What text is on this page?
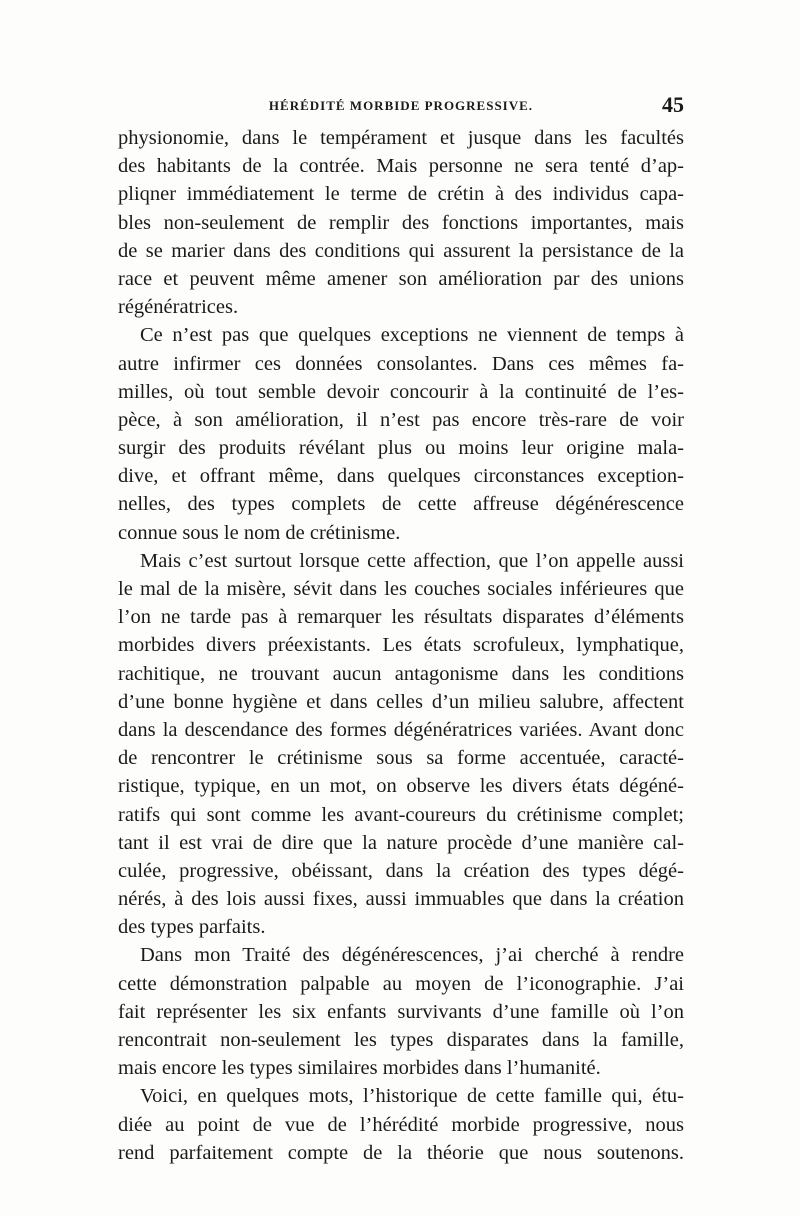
HÉRÉDITÉ MORBIDE PROGRESSIVE.	45

physionomie, dans le tempérament et jusque dans les facultés
des habitants de la contrée. Mais personne ne sera tenté d’ap-
pliqner immédiatement le terme de crétin à des individus capa-
bles non-seulement de remplir des fonctions importantes, mais
de se marier dans des conditions qui assurent la persistance de la
race et peuvent même amener son amélioration par des unions
régénératrices.

Ce n’est pas que quelques exceptions ne viennent de temps à
autre infirmer ces données consolantes. Dans ces mêmes fa-
milles, où tout semble devoir concourir à la continuité de l’es-
pèce, à son amélioration, il n’est pas encore très-rare de voir
surgir des produits révélant plus ou moins leur origine mala-
dive, et offrant même, dans quelques circonstances exception-
nelles, des types complets de cette affreuse dégénérescence
connue sous le nom de crétinisme.

Mais c’est surtout lorsque cette affection, que l’on appelle aussi
le mal de la misère, sévit dans les couches sociales inférieures que
l’on ne tarde pas à remarquer les résultats disparates d’éléments
morbides divers préexistants. Les états scrofuleux, lymphatique,
rachitique, ne trouvant aucun antagonisme dans les conditions
d’une bonne hygiène et dans celles d’un milieu salubre, affectent
dans la descendance des formes dégénératrices variées. Avant donc
de rencontrer le crétinisme sous sa forme accentuée, caracté-
ristique, typique, en un mot, on observe les divers états dégéné-
ratifs qui sont comme les avant-coureurs du crétinisme complet;
tant il est vrai de dire que la nature procède d’une manière cal-
culée, progressive, obéissant, dans la création des types dégé-
nérés, à des lois aussi fixes, aussi immuables que dans la création
des types parfaits.

Dans mon Traité des dégénérescences, j’ai cherché à rendre
cette démonstration palpable au moyen de l’iconographie. J’ai
fait représenter les six enfants survivants d’une famille où l’on
rencontrait non-seulement les types disparates dans la famille,
mais encore les types similaires morbides dans l’humanité.

Voici, en quelques mots, l’historique de cette famille qui, étu-
diée au point de vue de l’hérédité morbide progressive, nous
rend parfaitement compte de la théorie que nous soutenons.
